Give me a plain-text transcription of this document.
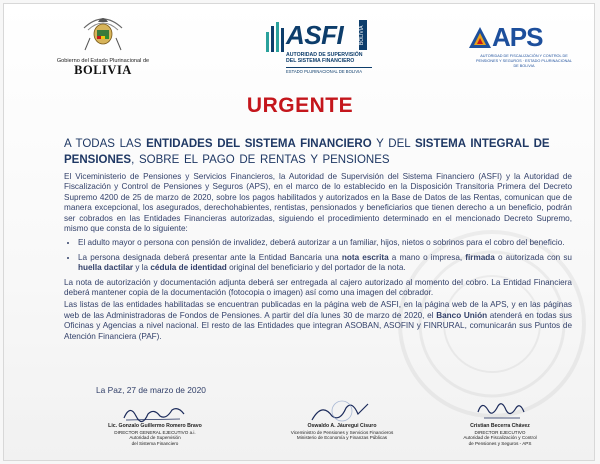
Gobierno del Estado Plurinacional de
BOLIVIA
ASFI	BOLIVIA
AUTORIDAD DE SUPERVISIÓN DEL SISTEMA FINANCIERO
ESTADO PLURINACIONAL DE BOLIVIA
APS
AUTORIDAD DE FISCALIZACIÓN Y CONTROL DE PENSIONES Y SEGUROS · ESTADO PLURINACIONAL DE BOLIVIA
URGENTE
A TODAS LAS ENTIDADES DEL SISTEMA FINANCIERO Y DEL SISTEMA INTEGRAL DE PENSIONES, SOBRE EL PAGO DE RENTAS Y PENSIONES

El Viceministerio de Pensiones y Servicios Financieros, la Autoridad de Supervisión del Sistema Financiero (ASFI) y la Autoridad de Fiscalización y Control de Pensiones y Seguros (APS), en el marco de lo establecido en la Disposición Transitoria Primera del Decreto Supremo 4200 de 25 de marzo de 2020, sobre los pagos habilitados y autorizados en la Base de Datos de las Rentas, comunican que de manera excepcional, los asegurados, derechohabientes, rentistas, pensionados y beneficiarios que tienen derecho a un beneficio, podrán ser cobrados en las Entidades Financieras autorizadas, siguiendo el procedimiento determinado en el mencionado Decreto Supremo, mismo que consta de lo siguiente:

• El adulto mayor o persona con pensión de invalidez, deberá autorizar a un familiar, hijos, nietos o sobrinos para el cobro del beneficio.
• La persona designada deberá presentar ante la Entidad Bancaria una nota escrita a mano o impresa, firmada o autorizada con su huella dactilar y la cédula de identidad original del beneficiario y del portador de la nota.

La nota de autorización y documentación adjunta deberá ser entregada al cajero autorizado al momento del cobro. La Entidad Financiera deberá mantener copia de la documentación (fotocopia o imagen) así como una imagen del cobrador.

Las listas de las entidades habilitadas se encuentran publicadas en la página web de ASFI, en la página web de la APS, y en las páginas web de las Administradoras de Fondos de Pensiones. A partir del día lunes 30 de marzo de 2020, el Banco Unión atenderá en todas sus Oficinas y Agencias a nivel nacional. El resto de las Entidades que integran ASOBAN, ASOFIN y FINRURAL, comunicarán sus Puntos de Atención Financiera (PAF).

La Paz, 27 de marzo de 2020
Lic. Gonzalo Guillermo Romero Bravo
DIRECTOR GENERAL EJECUTIVO a.i.
Autoridad de Supervisión
del Sistema Financiero
Oswaldo A. Jáuregui Cisuro
Viceministro de Pensiones y Servicios Financieros
Ministerio de Economía y Finanzas Públicas
Cristian Becerra Chávez
DIRECTOR EJECUTIVO
Autoridad de Fiscalización y Control
de Pensiones y Seguros - APS
